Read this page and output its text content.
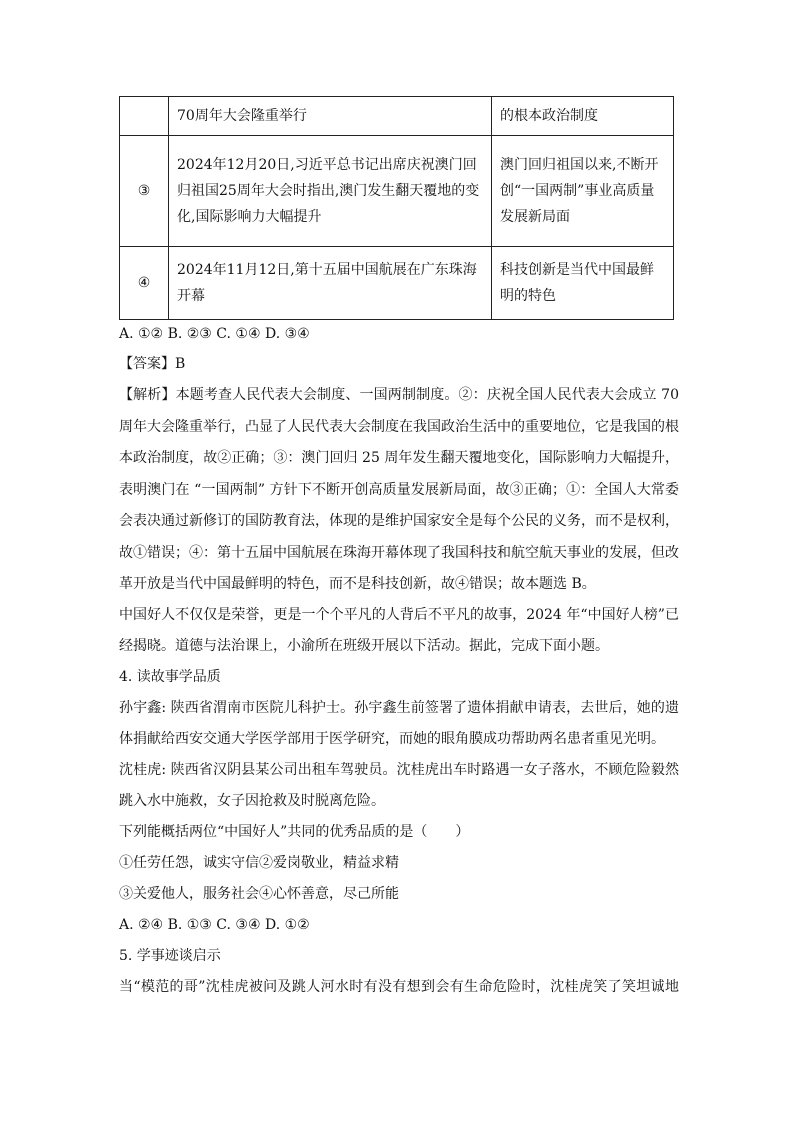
	70周年大会隆重举行	的根本政治制度
③	2024年12月20日,习近平总书记出席庆祝澳门回归祖国25周年大会时指出,澳门发生翻天覆地的变化,国际影响力大幅提升	澳门回归祖国以来,不断开创“一国两制”事业高质量发展新局面
④	2024年11月12日,第十五届中国航展在广东珠海开幕	科技创新是当代中国最鲜明的特色
A. ①② B. ②③ C. ①④ D. ③④
【答案】B
【解析】本题考查人民代表大会制度、一国两制制度。②：庆祝全国人民代表大会成立 70
周年大会隆重举行，凸显了人民代表大会制度在我国政治生活中的重要地位，它是我国的根
本政治制度，故②正确；③：澳门回归 25 周年发生翻天覆地变化，国际影响力大幅提升，
表明澳门在 “一国两制” 方针下不断开创高质量发展新局面，故③正确；①：全国人大常委
会表决通过新修订的国防教育法，体现的是维护国家安全是每个公民的义务，而不是权利，
故①错误；④：第十五届中国航展在珠海开幕体现了我国科技和航空航天事业的发展，但改
革开放是当代中国最鲜明的特色，而不是科技创新，故④错误；故本题选 B。
中国好人不仅仅是荣誉，更是一个个平凡的人背后不平凡的故事，2024 年“中国好人榜”已
经揭晓。道德与法治课上，小渝所在班级开展以下活动。据此，完成下面小题。
4. 读故事学品质
孙宇鑫: 陕西省渭南市医院儿科护士。孙宇鑫生前签署了遗体捐献申请表，去世后，她的遗
体捐献给西安交通大学医学部用于医学研究，而她的眼角膜成功帮助两名患者重见光明。
沈桂虎: 陕西省汉阴县某公司出租车驾驶员。沈桂虎出车时路遇一女子落水，不顾危险毅然
跳入水中施救，女子因抢救及时脱离危险。
下列能概括两位“中国好人”共同的优秀品质的是（　　）
①任劳任怨，诚实守信②爱岗敬业，精益求精
③关爱他人，服务社会④心怀善意，尽己所能
A. ②④ B. ①③ C. ③④ D. ①②
5. 学事迹谈启示
当“模范的哥”沈桂虎被问及跳人河水时有没有想到会有生命危险时，沈桂虎笑了笑坦诚地
